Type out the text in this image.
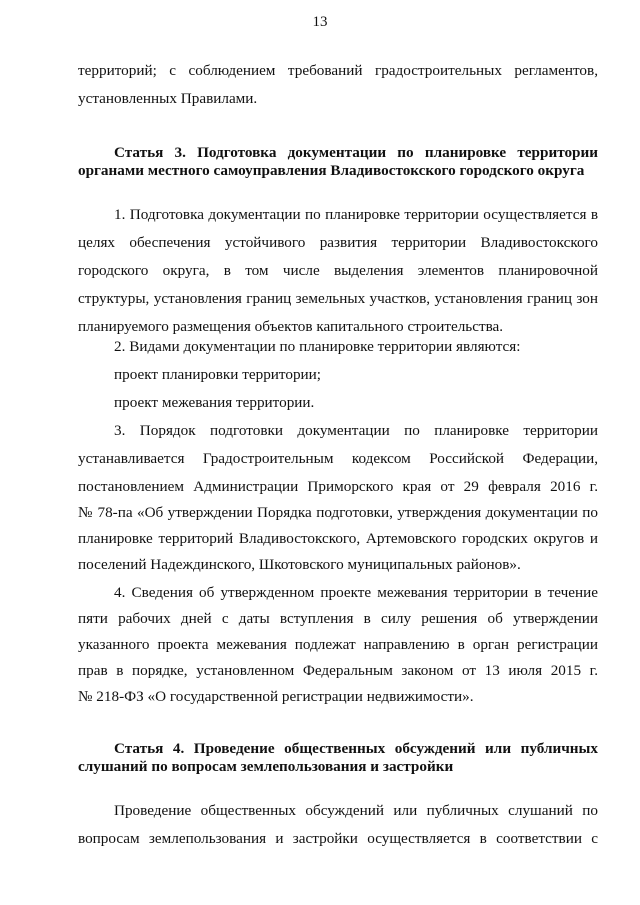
13
территорий; с соблюдением требований градостроительных регламентов,
установленных Правилами.
Статья 3. Подготовка документации по планировке территории
органами местного самоуправления Владивостокского городского округа
1. Подготовка документации по планировке территории осуществляется в
целях обеспечения устойчивого развития территории Владивостокского
городского округа, в том числе выделения элементов планировочной
структуры, установления границ земельных участков, установления границ зон
планируемого размещения объектов капитального строительства.
2. Видами документации по планировке территории являются:
проект планировки территории;
проект межевания территории.
3. Порядок подготовки документации по планировке территории
устанавливается Градостроительным кодексом Российской Федерации,
постановлением Администрации Приморского края от 29 февраля 2016 г.
№ 78-па «Об утверждении Порядка подготовки, утверждения документации по
планировке территорий Владивостокского, Артемовского городских округов и
поселений Надеждинского, Шкотовского муниципальных районов».
4. Сведения об утвержденном проекте межевания территории в течение
пяти рабочих дней с даты вступления в силу решения об утверждении
указанного проекта межевания подлежат направлению в орган регистрации
прав в порядке, установленном Федеральным законом от 13 июля 2015 г.
№ 218-ФЗ «О государственной регистрации недвижимости».
Статья 4. Проведение общественных обсуждений или публичных
слушаний по вопросам землепользования и застройки
Проведение общественных обсуждений или публичных слушаний по
вопросам землепользования и застройки осуществляется в соответствии с
